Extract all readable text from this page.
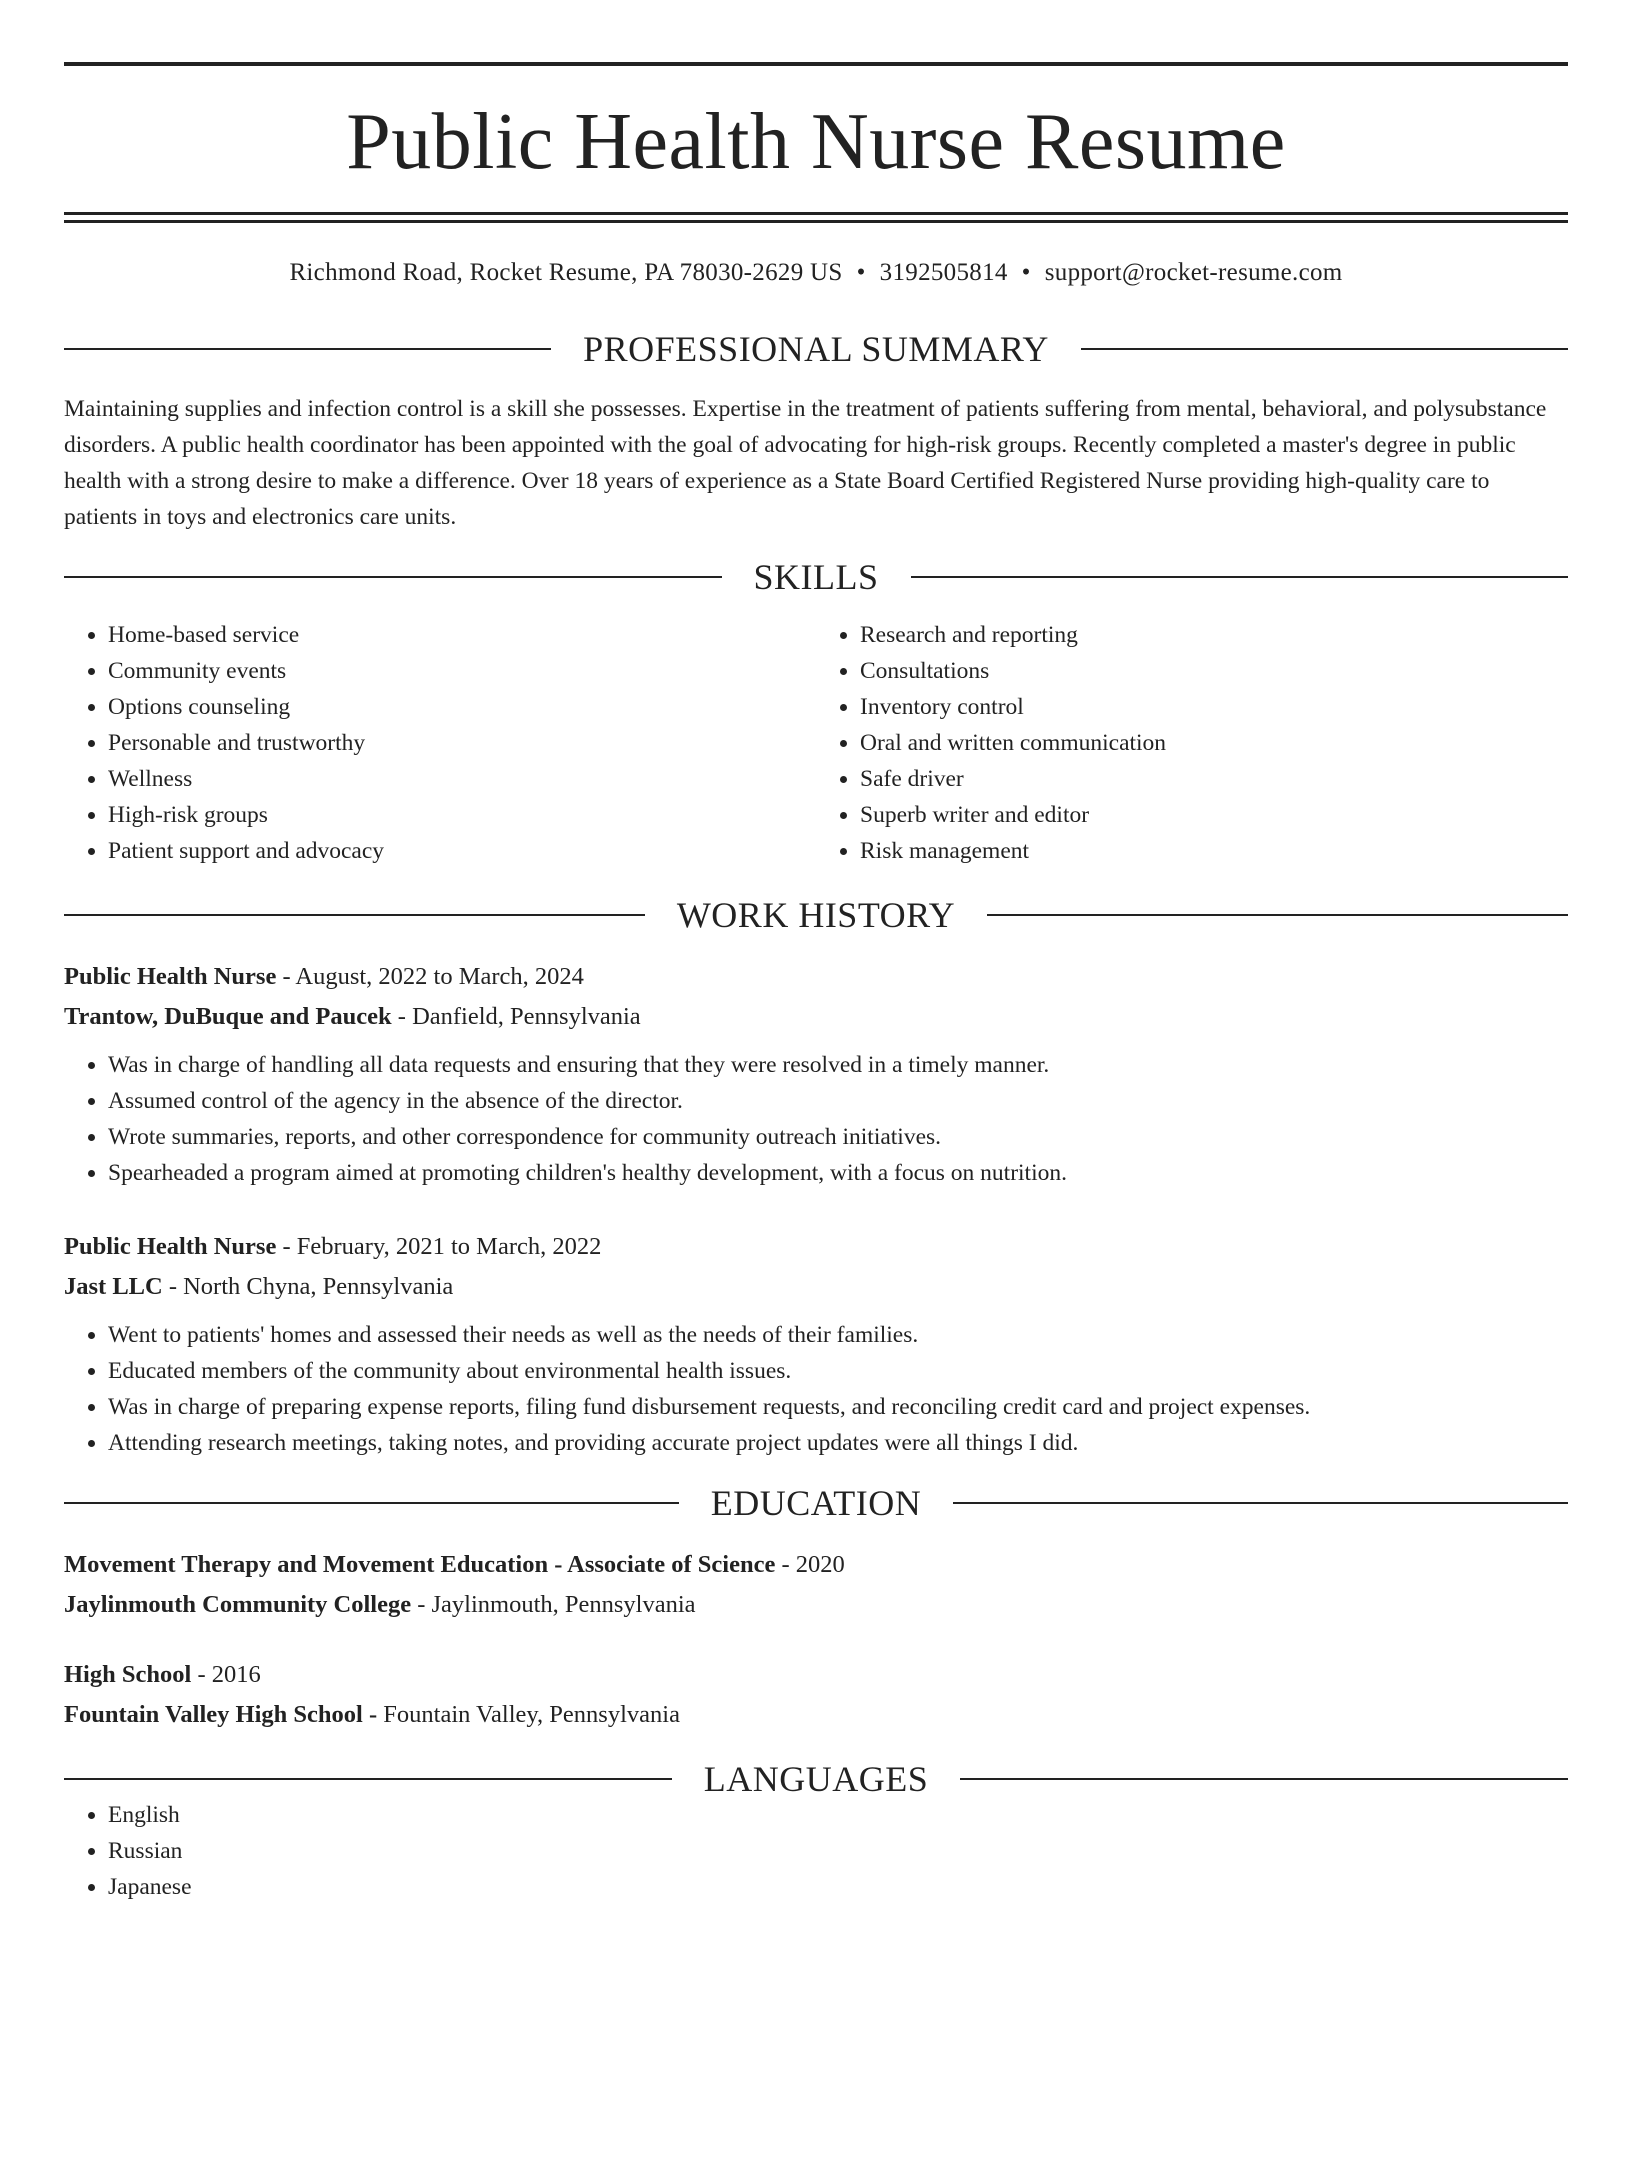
Public Health Nurse Resume
Richmond Road, Rocket Resume, PA 78030-2629 US • 3192505814 • support@rocket-resume.com
PROFESSIONAL SUMMARY
Maintaining supplies and infection control is a skill she possesses. Expertise in the treatment of patients suffering from mental, behavioral, and polysubstance disorders. A public health coordinator has been appointed with the goal of advocating for high-risk groups. Recently completed a master's degree in public health with a strong desire to make a difference. Over 18 years of experience as a State Board Certified Registered Nurse providing high-quality care to patients in toys and electronics care units.
SKILLS
• Home-based service
• Community events
• Options counseling
• Personable and trustworthy
• Wellness
• High-risk groups
• Patient support and advocacy
• Research and reporting
• Consultations
• Inventory control
• Oral and written communication
• Safe driver
• Superb writer and editor
• Risk management
WORK HISTORY
Public Health Nurse - August, 2022 to March, 2024
Trantow, DuBuque and Paucek - Danfield, Pennsylvania
• Was in charge of handling all data requests and ensuring that they were resolved in a timely manner.
• Assumed control of the agency in the absence of the director.
• Wrote summaries, reports, and other correspondence for community outreach initiatives.
• Spearheaded a program aimed at promoting children's healthy development, with a focus on nutrition.
Public Health Nurse - February, 2021 to March, 2022
Jast LLC - North Chyna, Pennsylvania
• Went to patients' homes and assessed their needs as well as the needs of their families.
• Educated members of the community about environmental health issues.
• Was in charge of preparing expense reports, filing fund disbursement requests, and reconciling credit card and project expenses.
• Attending research meetings, taking notes, and providing accurate project updates were all things I did.
EDUCATION
Movement Therapy and Movement Education - Associate of Science - 2020
Jaylinmouth Community College - Jaylinmouth, Pennsylvania
High School - 2016
Fountain Valley High School - Fountain Valley, Pennsylvania
LANGUAGES
• English
• Russian
• Japanese
